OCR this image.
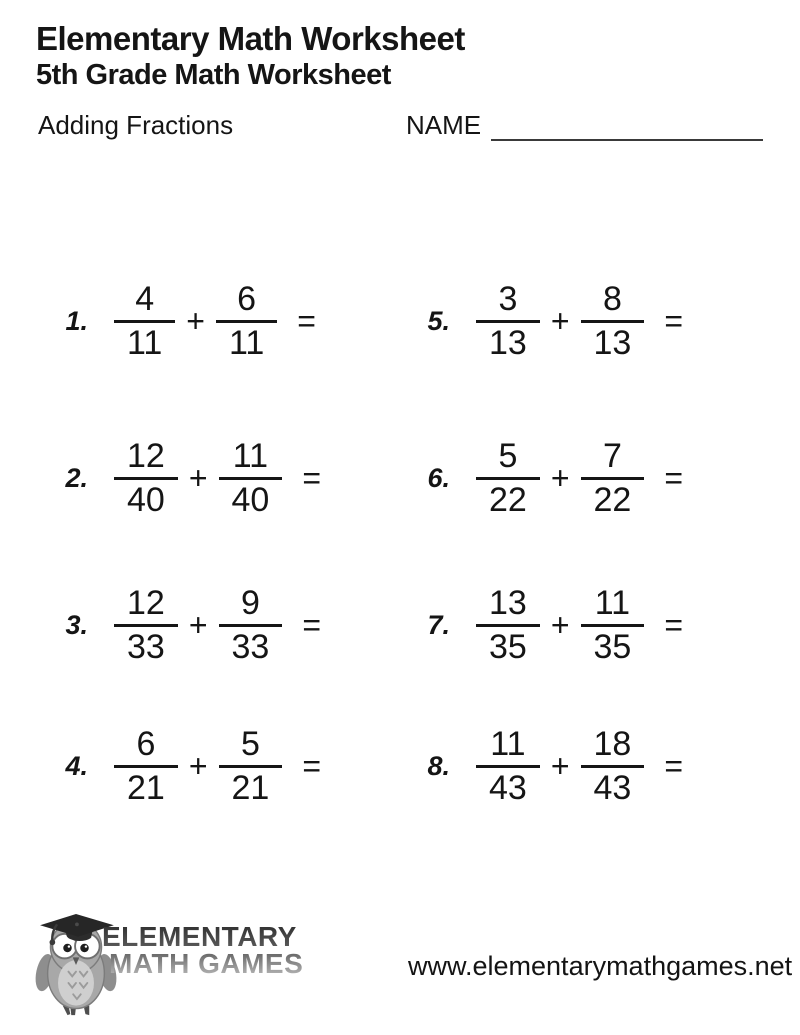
Elementary Math Worksheet
5th Grade Math Worksheet
Adding Fractions	NAME
1. $\frac{4}{11} + \frac{6}{11}$ =	5. $\frac{3}{13} + \frac{8}{13}$ =
2. $\frac{12}{40} + \frac{11}{40}$ =	6. $\frac{5}{22} + \frac{7}{22}$ =
3. $\frac{12}{33} + \frac{9}{33}$ =	7. $\frac{13}{35} + \frac{11}{35}$ =
4. $\frac{6}{21} + \frac{5}{21}$ =	8. $\frac{11}{43} + \frac{18}{43}$ =
ELEMENTARY
MATH GAMES	www.elementarymathgames.net
